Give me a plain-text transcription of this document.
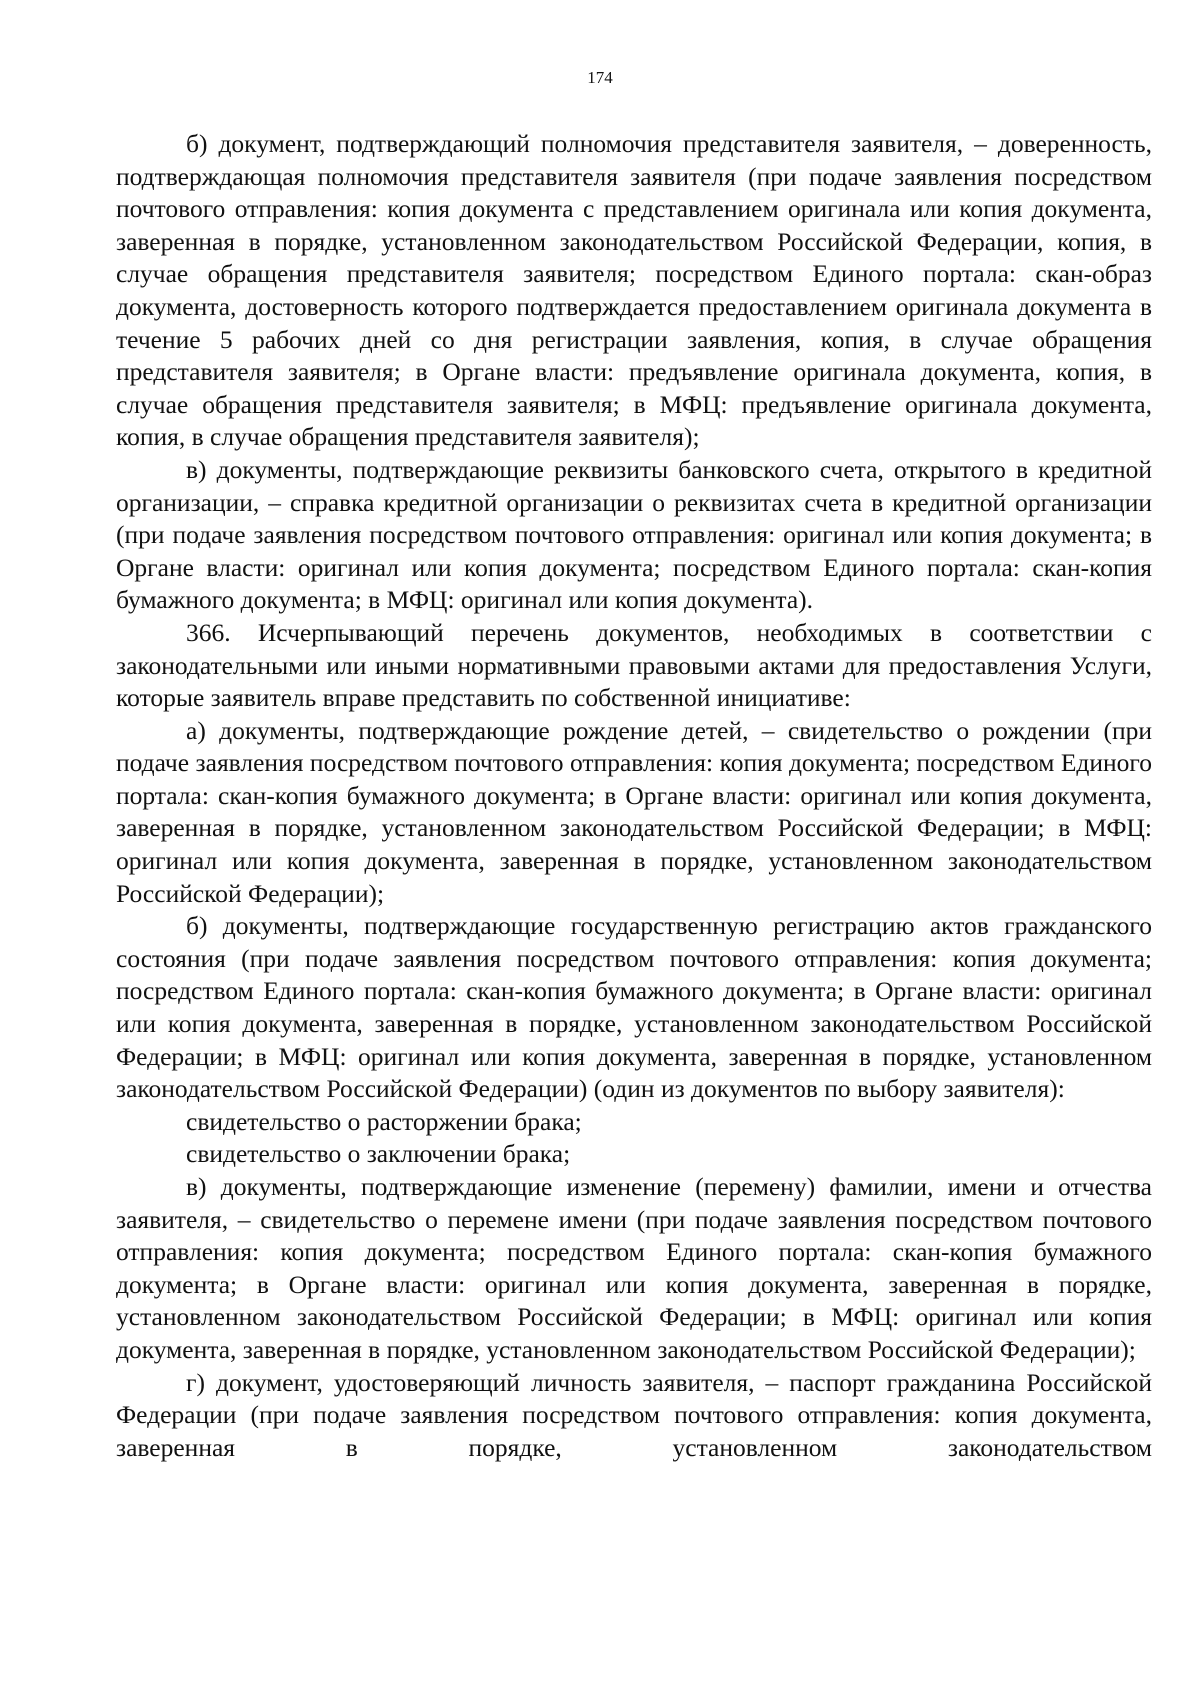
174

б) документ, подтверждающий полномочия представителя заявителя, – доверенность, подтверждающая полномочия представителя заявителя (при подаче заявления посредством почтового отправления: копия документа с представлением оригинала или копия документа, заверенная в порядке, установленном законодательством Российской Федерации, копия, в случае обращения представителя заявителя; посредством Единого портала: скан-образ документа, достоверность которого подтверждается предоставлением оригинала документа в течение 5 рабочих дней со дня регистрации заявления, копия, в случае обращения представителя заявителя; в Органе власти: предъявление оригинала документа, копия, в случае обращения представителя заявителя; в МФЦ: предъявление оригинала документа, копия, в случае обращения представителя заявителя);

в) документы, подтверждающие реквизиты банковского счета, открытого в кредитной организации, – справка кредитной организации о реквизитах счета в кредитной организации (при подаче заявления посредством почтового отправления: оригинал или копия документа; в Органе власти: оригинал или копия документа; посредством Единого портала: скан-копия бумажного документа; в МФЦ: оригинал или копия документа).

366. Исчерпывающий перечень документов, необходимых в соответствии с законодательными или иными нормативными правовыми актами для предоставления Услуги, которые заявитель вправе представить по собственной инициативе:

а) документы, подтверждающие рождение детей, – свидетельство о рождении (при подаче заявления посредством почтового отправления: копия документа; посредством Единого портала: скан-копия бумажного документа; в Органе власти: оригинал или копия документа, заверенная в порядке, установленном законодательством Российской Федерации; в МФЦ: оригинал или копия документа, заверенная в порядке, установленном законодательством Российской Федерации);

б) документы, подтверждающие государственную регистрацию актов гражданского состояния (при подаче заявления посредством почтового отправления: копия документа; посредством Единого портала: скан-копия бумажного документа; в Органе власти: оригинал или копия документа, заверенная в порядке, установленном законодательством Российской Федерации; в МФЦ: оригинал или копия документа, заверенная в порядке, установленном законодательством Российской Федерации) (один из документов по выбору заявителя):

свидетельство о расторжении брака;

свидетельство о заключении брака;

в) документы, подтверждающие изменение (перемену) фамилии, имени и отчества заявителя, – свидетельство о перемене имени (при подаче заявления посредством почтового отправления: копия документа; посредством Единого портала: скан-копия бумажного документа; в Органе власти: оригинал или копия документа, заверенная в порядке, установленном законодательством Российской Федерации; в МФЦ: оригинал или копия документа, заверенная в порядке, установленном законодательством Российской Федерации);

г) документ, удостоверяющий личность заявителя, – паспорт гражданина Российской Федерации (при подаче заявления посредством почтового отправления: копия документа, заверенная в порядке, установленном законодательством
